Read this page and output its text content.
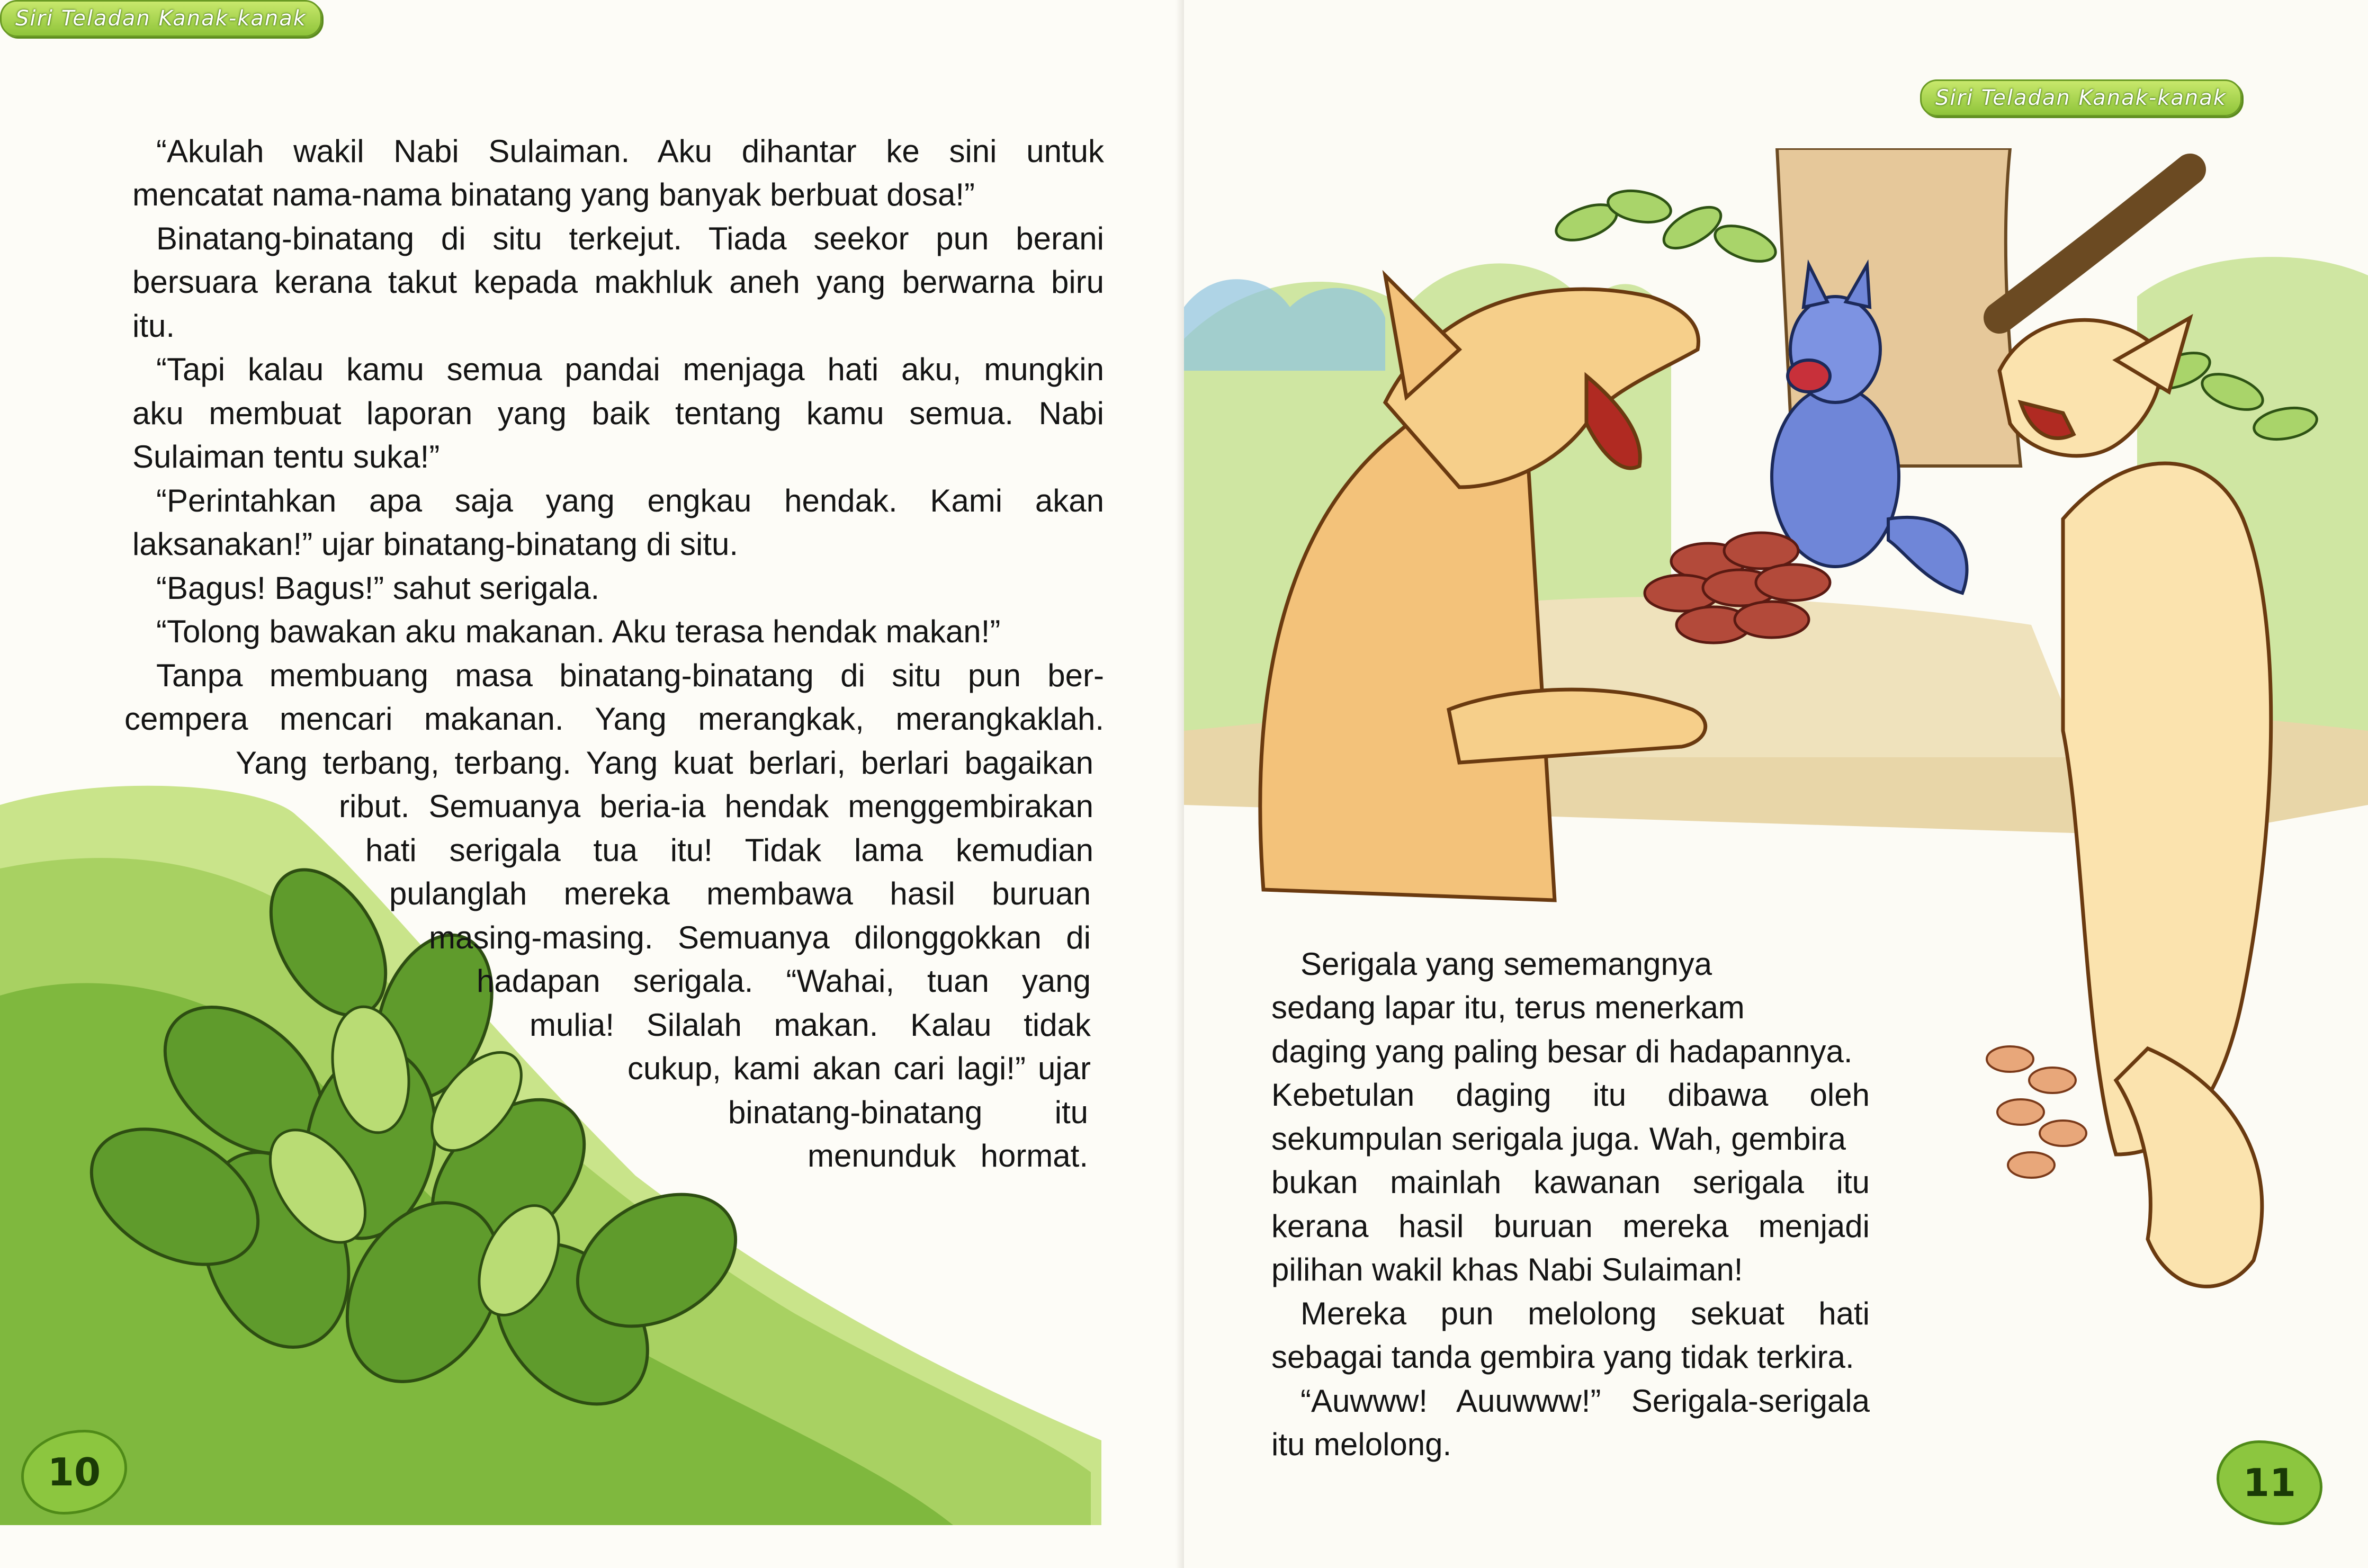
Siri Teladan Kanak-kanak
“Akulah wakil Nabi Sulaiman. Aku dihantar ke sini untuk
mencatat nama-nama binatang yang banyak berbuat dosa!”
Binatang-binatang di situ terkejut. Tiada seekor pun berani
bersuara kerana takut kepada makhluk aneh yang berwarna biru
itu.
“Tapi kalau kamu semua pandai menjaga hati aku, mungkin
aku membuat laporan yang baik tentang kamu semua. Nabi
Sulaiman tentu suka!”
“Perintahkan apa saja yang engkau hendak. Kami akan
laksanakan!” ujar binatang-binatang di situ.
“Bagus! Bagus!” sahut serigala.
“Tolong bawakan aku makanan. Aku terasa hendak makan!”
Tanpa membuang masa binatang-binatang di situ pun ber-
cempera mencari makanan. Yang merangkak, merangkaklah.
Yang terbang, terbang. Yang kuat berlari, berlari bagaikan
ribut. Semuanya beria-ia hendak menggembirakan
hati serigala tua itu! Tidak lama kemudian
pulanglah mereka membawa hasil buruan
masing-masing. Semuanya dilonggokkan di
hadapan serigala. “Wahai, tuan yang
mulia! Silalah makan. Kalau tidak
cukup, kami akan cari lagi!” ujar
binatang-binatang itu
menunduk hormat.
10
Siri Teladan Kanak-kanak
Serigala yang sememangnya
sedang lapar itu, terus menerkam
daging yang paling besar di hadapannya.
Kebetulan daging itu dibawa oleh
sekumpulan serigala juga. Wah, gembira
bukan mainlah kawanan serigala itu
kerana hasil buruan mereka menjadi
pilihan wakil khas Nabi Sulaiman!
Mereka pun melolong sekuat hati
sebagai tanda gembira yang tidak terkira.
“Auwww! Auuwww!” Serigala-serigala
itu melolong.
11
